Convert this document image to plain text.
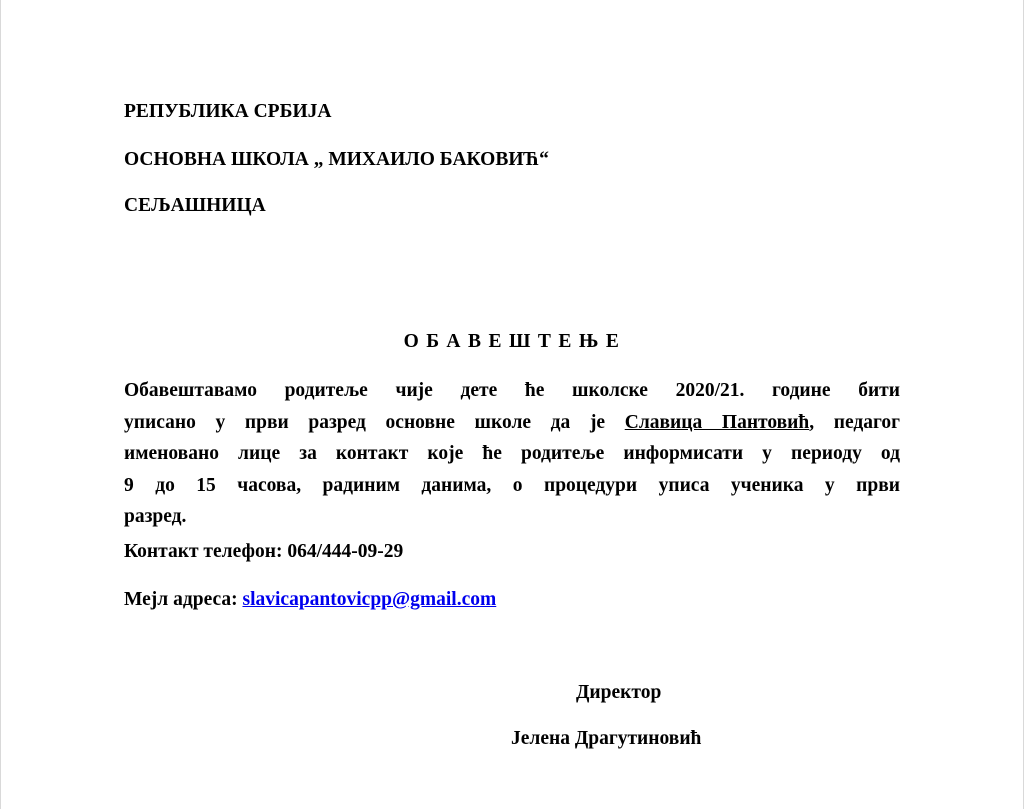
РЕПУБЛИКА СРБИЈА
ОСНОВНА ШКОЛА „ МИХАИЛО БАКОВИЋ“
СЕЉАШНИЦА
ОБАВЕШТЕЊЕ
Обавештавамо родитеље чије дете ће школске 2020/21. године бити
уписано у први разред основне школе да је Славица Пантовић, педагог
именовано лице за контакт које ће родитеље информисати у периоду од
9 до 15 часова, радиним данима, о процедури уписа ученика у први
разред.
Контакт телефон: 064/444-09-29
Мејл адреса: slavicapantovicpp@gmail.com
Директор
Јелена Драгутиновић
